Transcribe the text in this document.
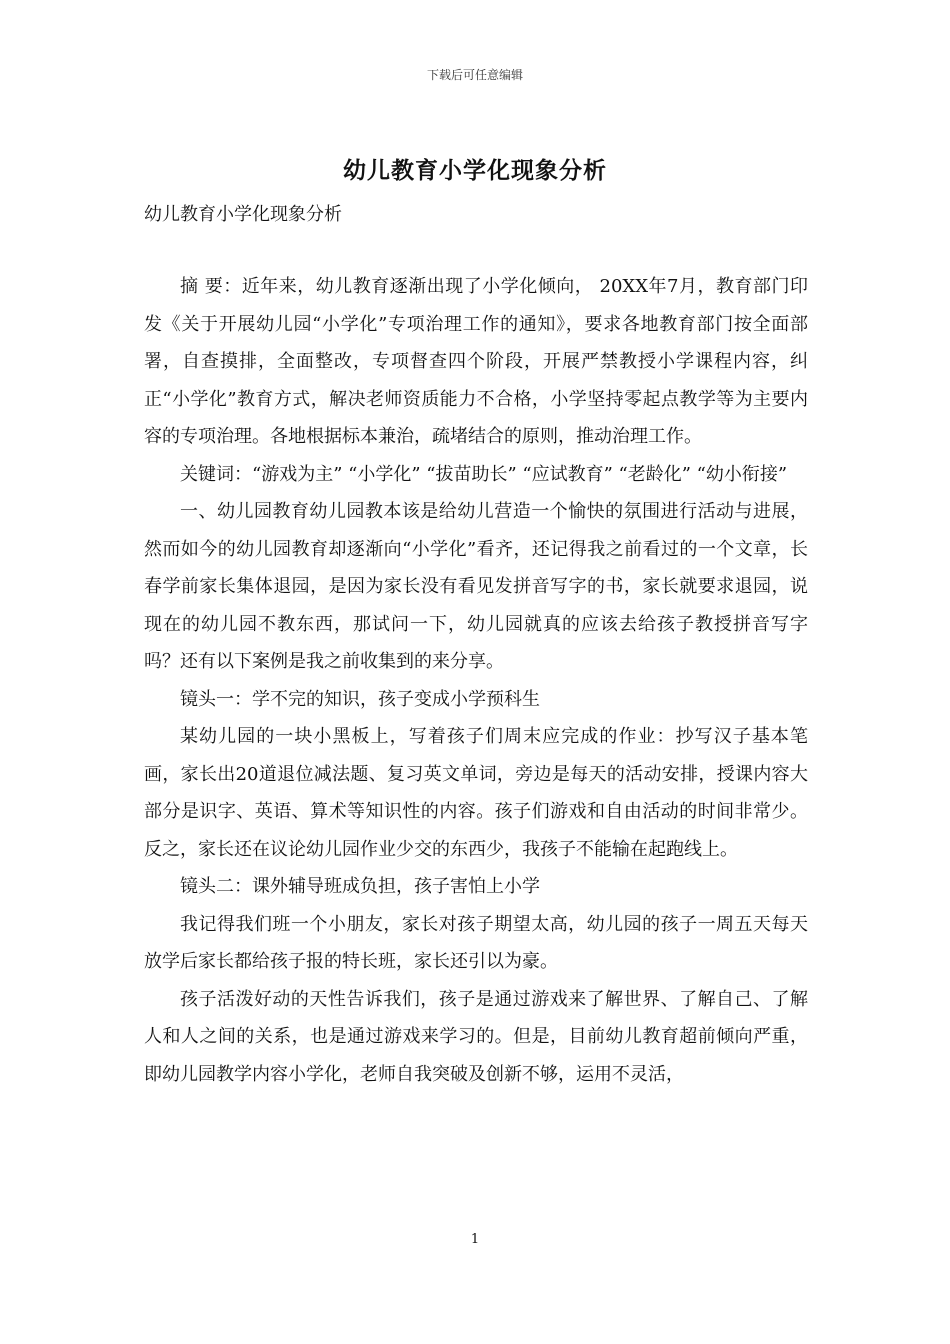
下载后可任意编辑
幼儿教育小学化现象分析
幼儿教育小学化现象分析

摘 要：近年来，幼儿教育逐渐出现了小学化倾向， 20XX年7月，教育部门印发《关于开展幼儿园“小学化”专项治理工作的通知》，要求各地教育部门按全面部署，自查摸排，全面整改，专项督查四个阶段，开展严禁教授小学课程内容，纠正“小学化”教育方式，解决老师资质能力不合格，小学坚持零起点教学等为主要内容的专项治理。各地根据标本兼治，疏堵结合的原则，推动治理工作。

关键词：“游戏为主” “小学化” “拔苗助长” “应试教育” “老龄化” “幼小衔接”

一、幼儿园教育幼儿园教本该是给幼儿营造一个愉快的氛围进行活动与进展，然而如今的幼儿园教育却逐渐向“小学化”看齐，还记得我之前看过的一个文章，长春学前家长集体退园，是因为家长没有看见发拼音写字的书，家长就要求退园，说现在的幼儿园不教东西，那试问一下，幼儿园就真的应该去给孩子教授拼音写字吗？还有以下案例是我之前收集到的来分享。

镜头一：学不完的知识，孩子变成小学预科生

某幼儿园的一块小黑板上，写着孩子们周末应完成的作业：抄写汉子基本笔画，家长出20道退位减法题、复习英文单词，旁边是每天的活动安排，授课内容大部分是识字、英语、算术等知识性的内容。孩子们游戏和自由活动的时间非常少。反之，家长还在议论幼儿园作业少交的东西少，我孩子不能输在起跑线上。

镜头二：课外辅导班成负担，孩子害怕上小学

我记得我们班一个小朋友，家长对孩子期望太高，幼儿园的孩子一周五天每天放学后家长都给孩子报的特长班，家长还引以为豪。

孩子活泼好动的天性告诉我们，孩子是通过游戏来了解世界、了解自己、了解人和人之间的关系，也是通过游戏来学习的。但是，目前幼儿教育超前倾向严重，即幼儿园教学内容小学化，老师自我突破及创新不够，运用不灵活，

1
